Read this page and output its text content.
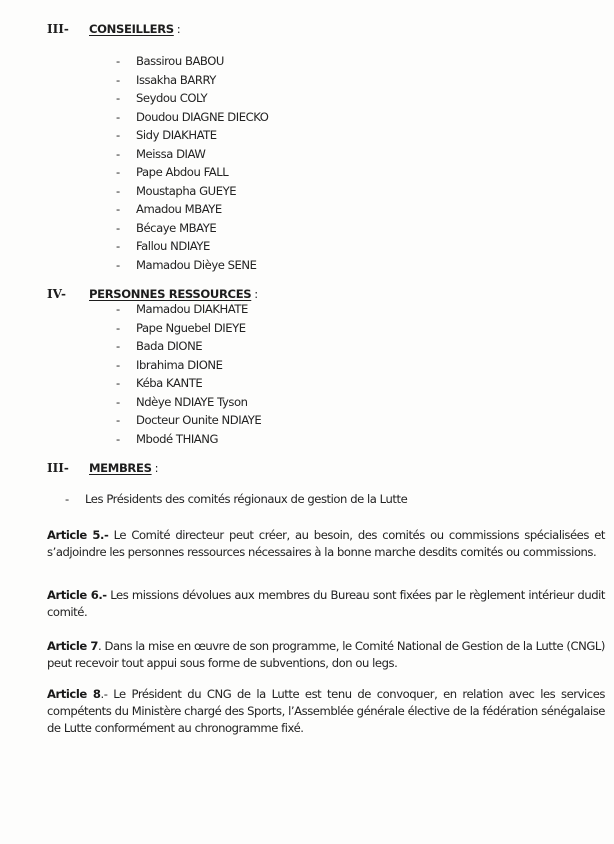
III- CONSEILLERS :
- Bassirou BABOU
- Issakha BARRY
- Seydou COLY
- Doudou DIAGNE DIECKO
- Sidy DIAKHATE
- Meissa DIAW
- Pape Abdou FALL
- Moustapha GUEYE
- Amadou MBAYE
- Bécaye MBAYE
- Fallou NDIAYE
- Mamadou Dièye SENE
IV- PERSONNES RESSOURCES :
- Mamadou DIAKHATE
- Pape Nguebel DIEYE
- Bada DIONE
- Ibrahima DIONE
- Kéba KANTE
- Ndèye NDIAYE Tyson
- Docteur Ounite NDIAYE
- Mbodé THIANG
III- MEMBRES :
- Les Présidents des comités régionaux de gestion de la Lutte

Article 5.- Le Comité directeur peut créer, au besoin, des comités ou commissions spécialisées et s’adjoindre les personnes ressources nécessaires à la bonne marche desdits comités ou commissions.

Article 6.- Les missions dévolues aux membres du Bureau sont fixées par le règlement intérieur dudit comité.

Article 7. Dans la mise en œuvre de son programme, le Comité National de Gestion de la Lutte (CNGL) peut recevoir tout appui sous forme de subventions, don ou legs.

Article 8.- Le Président du CNG de la Lutte est tenu de convoquer, en relation avec les services compétents du Ministère chargé des Sports, l’Assemblée générale élective de la fédération sénégalaise de Lutte conformément au chronogramme fixé.
